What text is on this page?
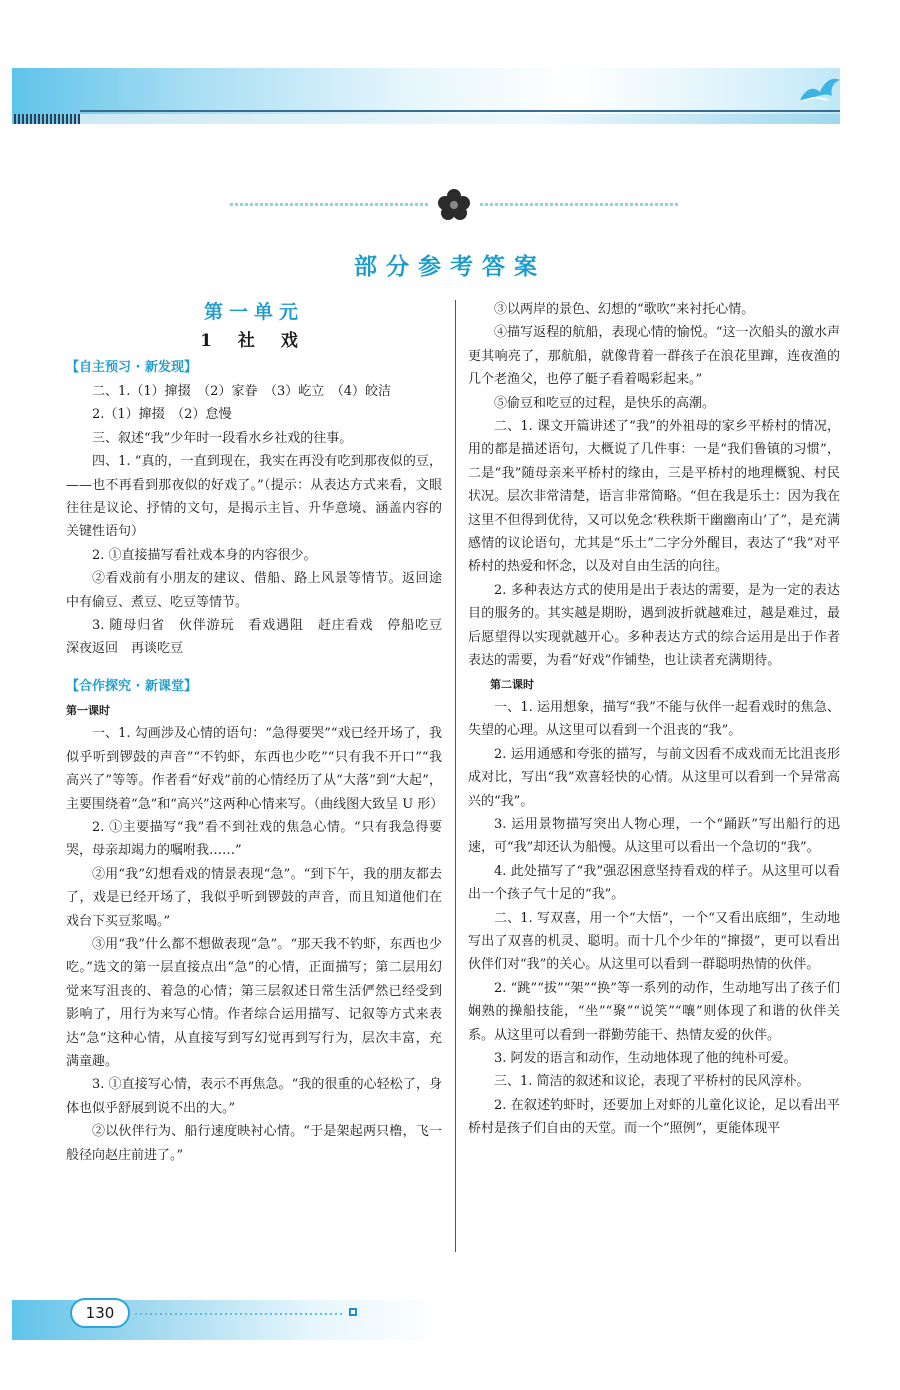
部分参考答案

第一单元

1 社 戏

【自主预习 · 新发现】

二、1.（1）撺掇　（2）家眷　（3）屹立　（4）皎洁

2.（1）撺掇　（2）怠慢

三、叙述“我”少年时一段看水乡社戏的往事。

四、1. “真的，一直到现在，我实在再没有吃到那夜似的豆，——也不再看到那夜似的好戏了。”（提示：从表达方式来看，文眼往往是议论、抒情的文句，是揭示主旨、升华意境、涵盖内容的关键性语句）

2. ①直接描写看社戏本身的内容很少。

②看戏前有小朋友的建议、借船、路上风景等情节。返回途中有偷豆、煮豆、吃豆等情节。

3. 随母归省　伙伴游玩　看戏遇阻　赶庄看戏　停船吃豆　深夜返回　再谈吃豆

【合作探究 · 新课堂】

第一课时

一、1. 勾画涉及心情的语句：“急得要哭”“戏已经开场了，我似乎听到锣鼓的声音”“不钓虾，东西也少吃”“只有我不开口”“我高兴了”等等。作者看“好戏”前的心情经历了从“大落”到“大起”，主要围绕着“急”和“高兴”这两种心情来写。（曲线图大致呈 U 形）

2. ①主要描写“我”看不到社戏的焦急心情。“只有我急得要哭，母亲却竭力的嘱咐我……”

②用“我”幻想看戏的情景表现“急”。“到下午，我的朋友都去了，戏是已经开场了，我似乎听到锣鼓的声音，而且知道他们在戏台下买豆浆喝。”

③用“我”什么都不想做表现“急”。“那天我不钓虾，东西也少吃。”选文的第一层直接点出“急”的心情，正面描写；第二层用幻觉来写沮丧的、着急的心情；第三层叙述日常生活俨然已经受到影响了，用行为来写心情。作者综合运用描写、记叙等方式来表达“急”这种心情，从直接写到写幻觉再到写行为，层次丰富，充满童趣。

3. ①直接写心情，表示不再焦急。“我的很重的心轻松了，身体也似乎舒展到说不出的大。”

②以伙伴行为、船行速度映衬心情。“于是架起两只橹，飞一般径向赵庄前进了。”

③以两岸的景色、幻想的“歌吹”来衬托心情。

④描写返程的航船，表现心情的愉悦。“这一次船头的激水声更其响亮了，那航船，就像背着一群孩子在浪花里蹿，连夜渔的几个老渔父，也停了艇子看着喝彩起来。”

⑤偷豆和吃豆的过程，是快乐的高潮。

二、1. 课文开篇讲述了“我”的外祖母的家乡平桥村的情况，用的都是描述语句，大概说了几件事：一是“我们鲁镇的习惯”，二是“我”随母亲来平桥村的缘由，三是平桥村的地理概貌、村民状况。层次非常清楚，语言非常简略。“但在我是乐土：因为我在这里不但得到优待，又可以免念‘秩秩斯干幽幽南山’了”，是充满感情的议论语句，尤其是“乐土”二字分外醒目，表达了“我”对平桥村的热爱和怀念，以及对自由生活的向往。

2. 多种表达方式的使用是出于表达的需要，是为一定的表达目的服务的。其实越是期盼，遇到波折就越难过，越是难过，最后愿望得以实现就越开心。多种表达方式的综合运用是出于作者表达的需要，为看“好戏”作铺垫，也让读者充满期待。

第二课时

一、1. 运用想象，描写“我”不能与伙伴一起看戏时的焦急、失望的心理。从这里可以看到一个沮丧的“我”。

2. 运用通感和夸张的描写，与前文因看不成戏而无比沮丧形成对比，写出“我”欢喜轻快的心情。从这里可以看到一个异常高兴的“我”。

3. 运用景物描写突出人物心理，一个“踊跃”写出船行的迅速，可“我”却还认为船慢。从这里可以看出一个急切的“我”。

4. 此处描写了“我”强忍困意坚持看戏的样子。从这里可以看出一个孩子气十足的“我”。

二、1. 写双喜，用一个“大悟”，一个“又看出底细”，生动地写出了双喜的机灵、聪明。而十几个少年的“撺掇”，更可以看出伙伴们对“我”的关心。从这里可以看到一群聪明热情的伙伴。

2. “跳”“拔”“架”“换”等一系列的动作，生动地写出了孩子们娴熟的操船技能，“坐”“聚”“说笑”“嚷”则体现了和谐的伙伴关系。从这里可以看到一群勤劳能干、热情友爱的伙伴。

3. 阿发的语言和动作，生动地体现了他的纯朴可爱。

三、1. 简洁的叙述和议论，表现了平桥村的民风淳朴。

2. 在叙述钓虾时，还要加上对虾的儿童化议论，足以看出平桥村是孩子们自由的天堂。而一个“照例”，更能体现平

130
